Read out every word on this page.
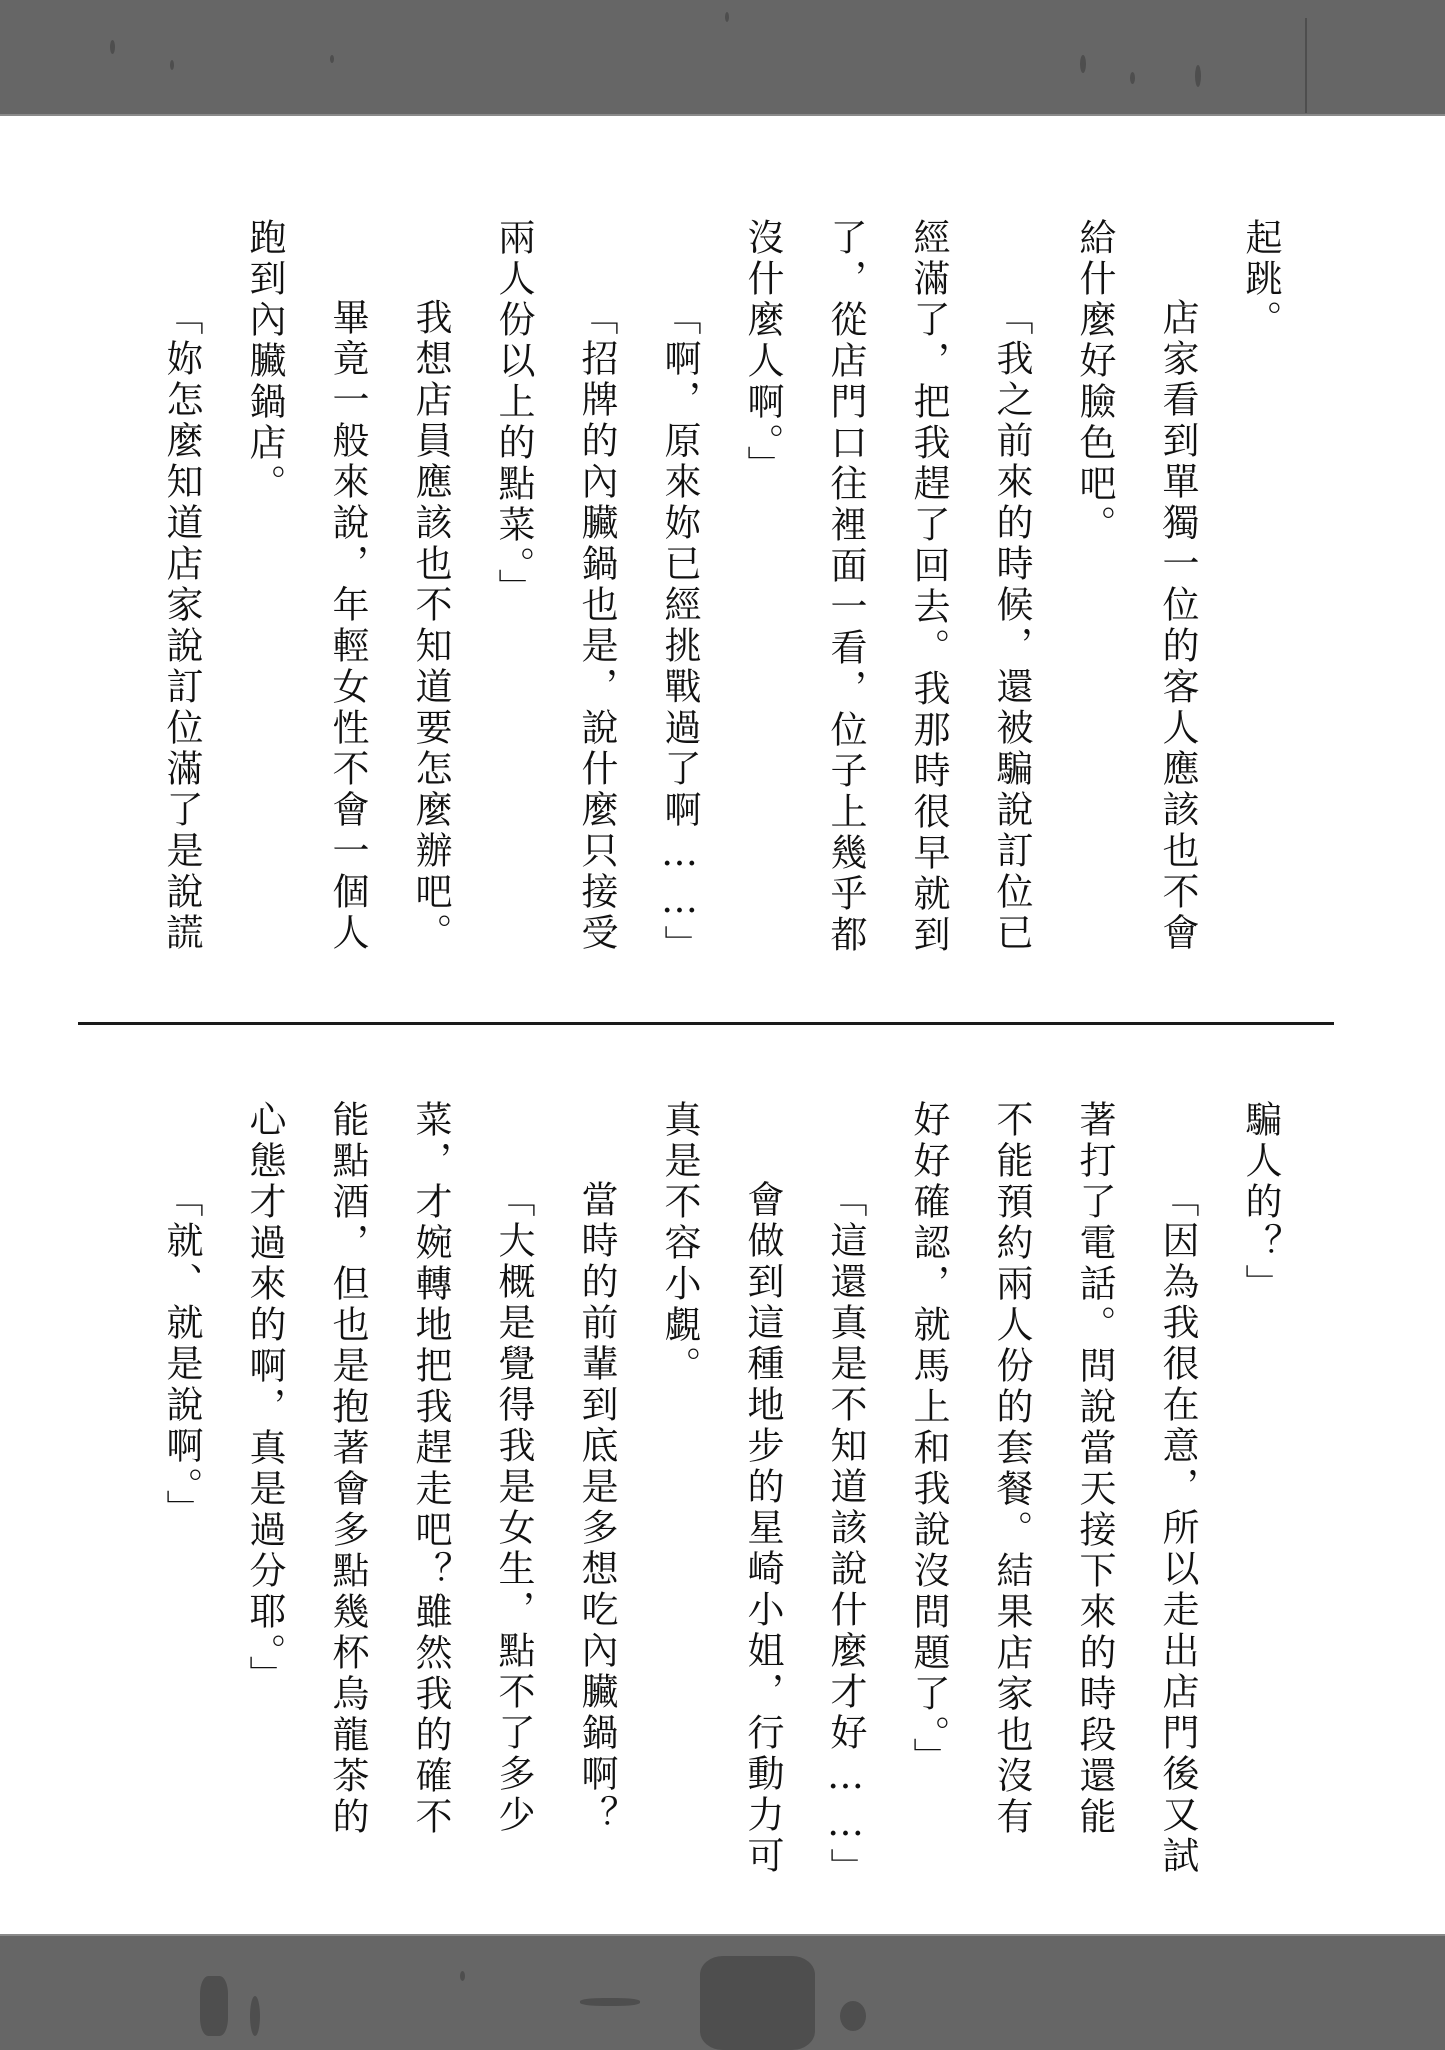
起跳。
店家看到單獨一位的客人應該也不會
給什麼好臉色吧。
「我之前來的時候，還被騙說訂位已
經滿了，把我趕了回去。我那時很早就到
了，從店門口往裡面一看，位子上幾乎都
沒什麼人啊。」
「啊，原來妳已經挑戰過了啊……」
「招牌的內臟鍋也是，說什麼只接受
兩人份以上的點菜。」
我想店員應該也不知道要怎麼辦吧。
畢竟一般來說，年輕女性不會一個人
跑到內臟鍋店。
「妳怎麼知道店家說訂位滿了是說謊
騙人的？」
「因為我很在意，所以走出店門後又試
著打了電話。問說當天接下來的時段還能
不能預約兩人份的套餐。結果店家也沒有
好好確認，就馬上和我說沒問題了。」
「這還真是不知道該說什麼才好……」
會做到這種地步的星崎小姐，行動力可
真是不容小覷。
當時的前輩到底是多想吃內臟鍋啊？
「大概是覺得我是女生，點不了多少
菜，才婉轉地把我趕走吧？雖然我的確不
能點酒，但也是抱著會多點幾杯烏龍茶的
心態才過來的啊，真是過分耶。」
「就、就是說啊。」
